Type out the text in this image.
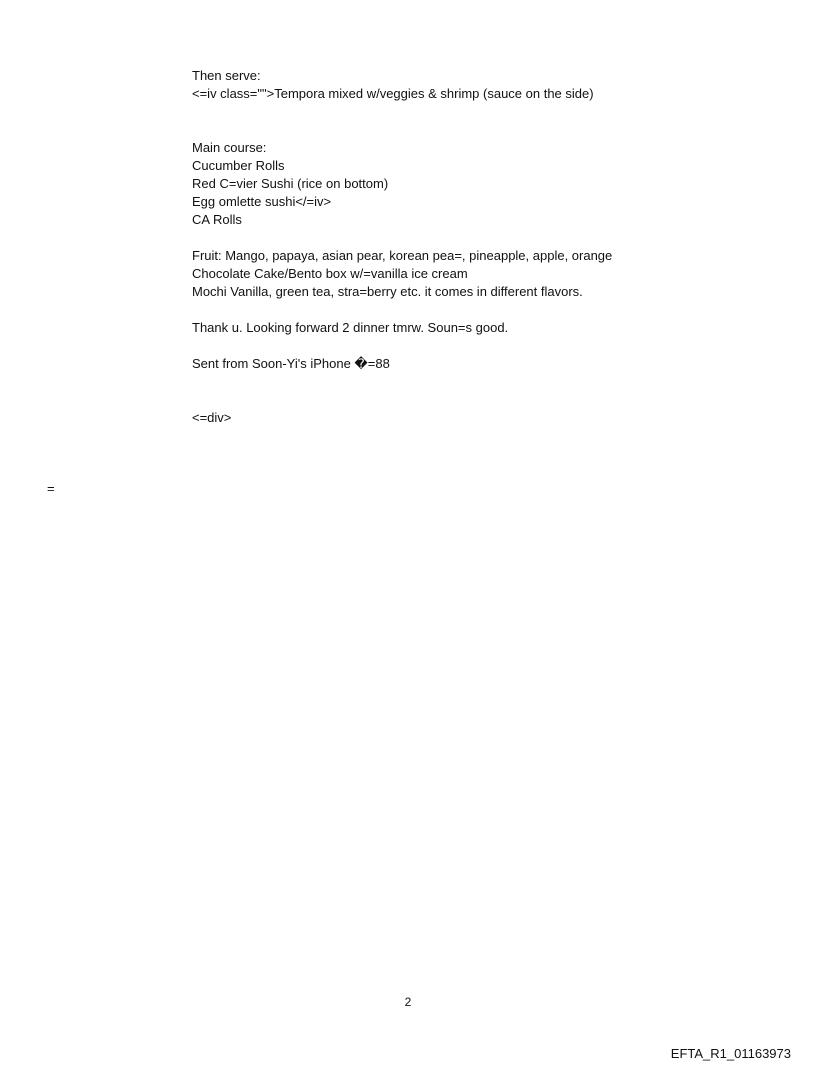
Then serve:
<=iv class="">Tempora mixed w/veggies & shrimp (sauce on the side)
Main course:
Cucumber Rolls
Red C=vier Sushi (rice on bottom)
Egg omlette sushi</=iv>
CA Rolls
Fruit: Mango, papaya, asian pear, korean pea=, pineapple, apple, orange
Chocolate Cake/Bento box w/=vanilla ice cream
Mochi Vanilla, green tea, stra=berry etc. it comes in different flavors.
Thank u. Looking forward 2 dinner tmrw. Soun=s good.
Sent from Soon-Yi's iPhone �=88
<=div>
=
2
EFTA_R1_01163973
